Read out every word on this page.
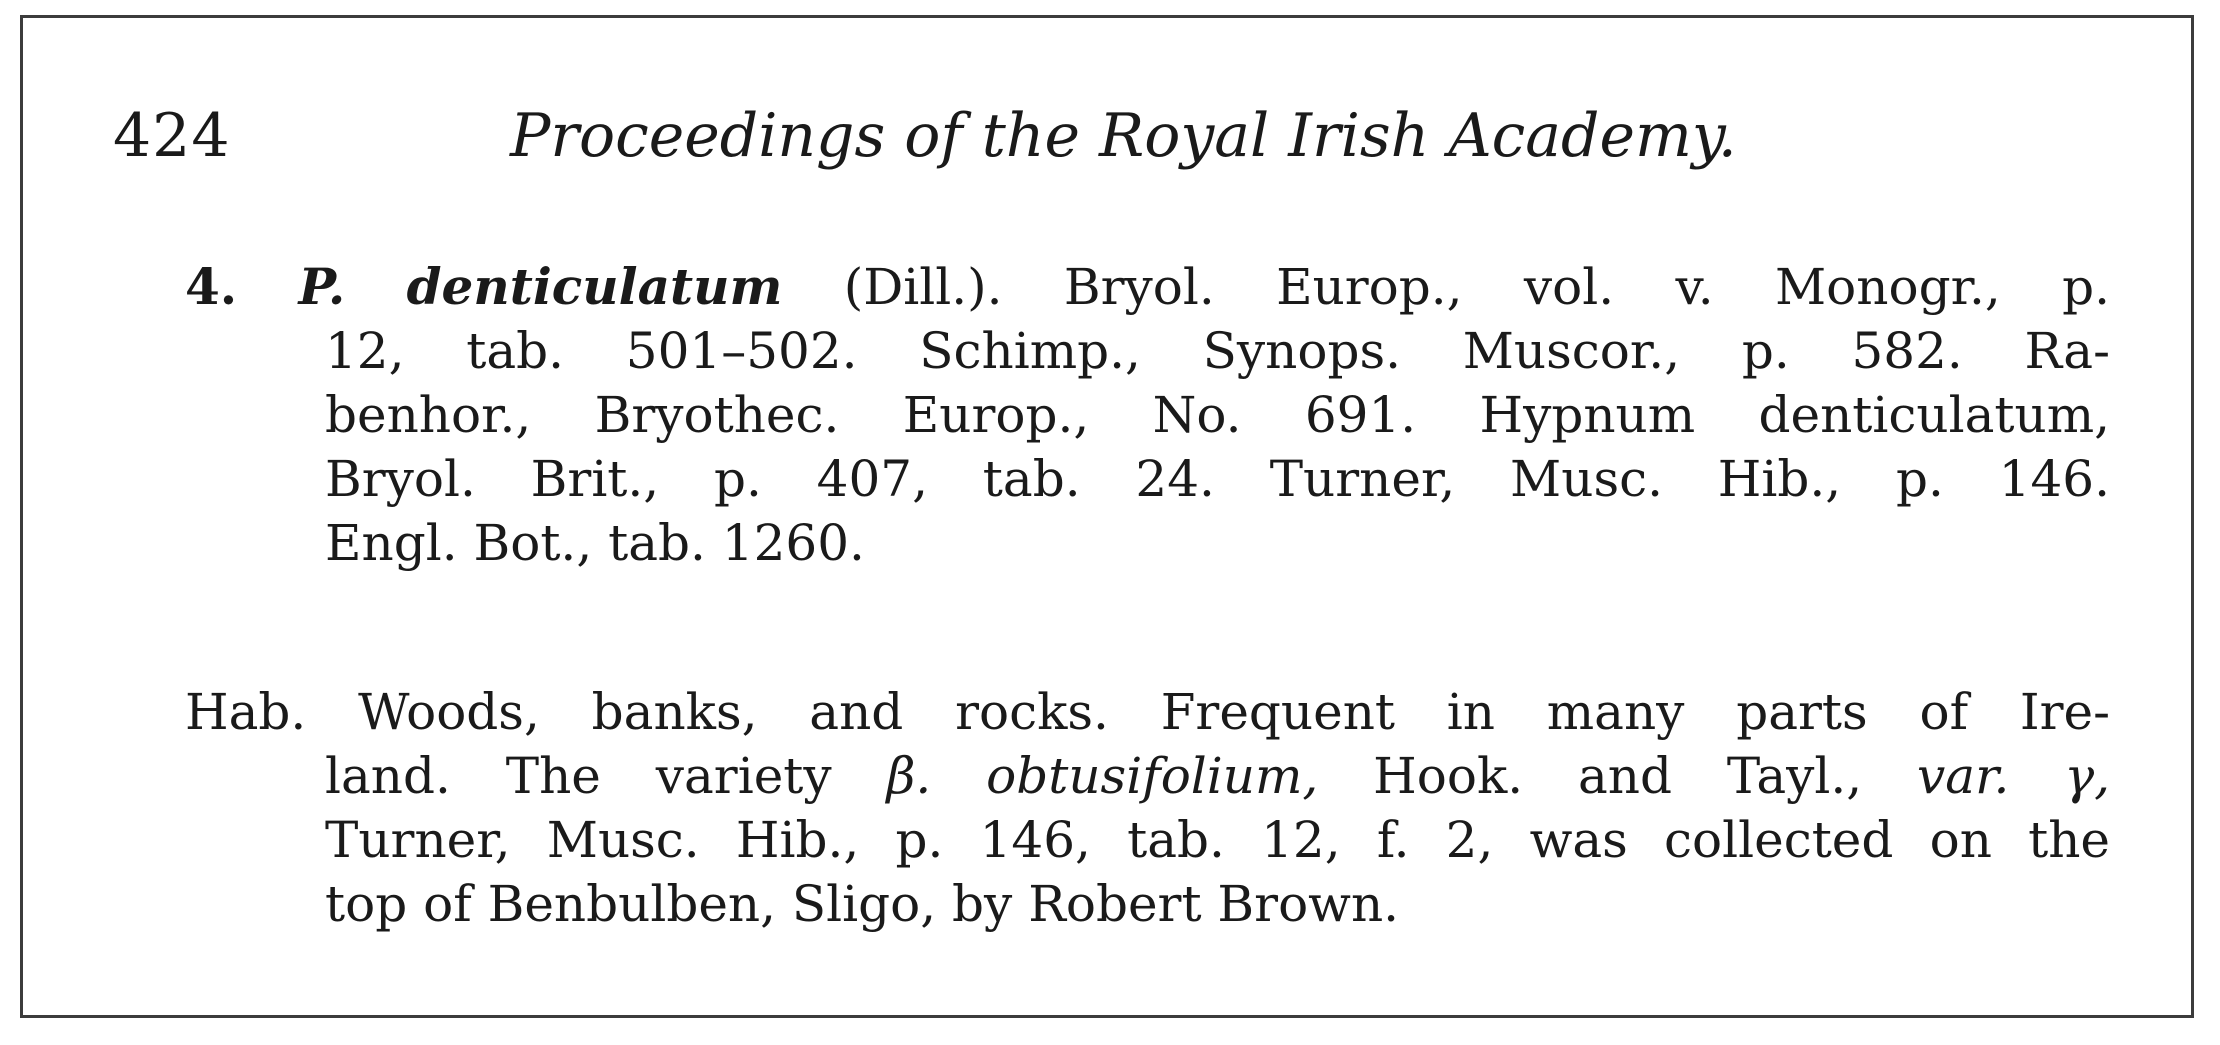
424	Proceedings of the Royal Irish Academy.
4. P. denticulatum (Dill.). Bryol. Europ., vol. v. Monogr., p.
12, tab. 501–502. Schimp., Synops. Muscor., p. 582. Ra-
benhor., Bryothec. Europ., No. 691. Hypnum denticulatum,
Bryol. Brit., p. 407, tab. 24. Turner, Musc. Hib., p. 146.
Engl. Bot., tab. 1260.
Hab. Woods, banks, and rocks. Frequent in many parts of Ire-
land. The variety β. obtusifolium, Hook. and Tayl., var. γ,
Turner, Musc. Hib., p. 146, tab. 12, f. 2, was collected on the
top of Benbulben, Sligo, by Robert Brown.
